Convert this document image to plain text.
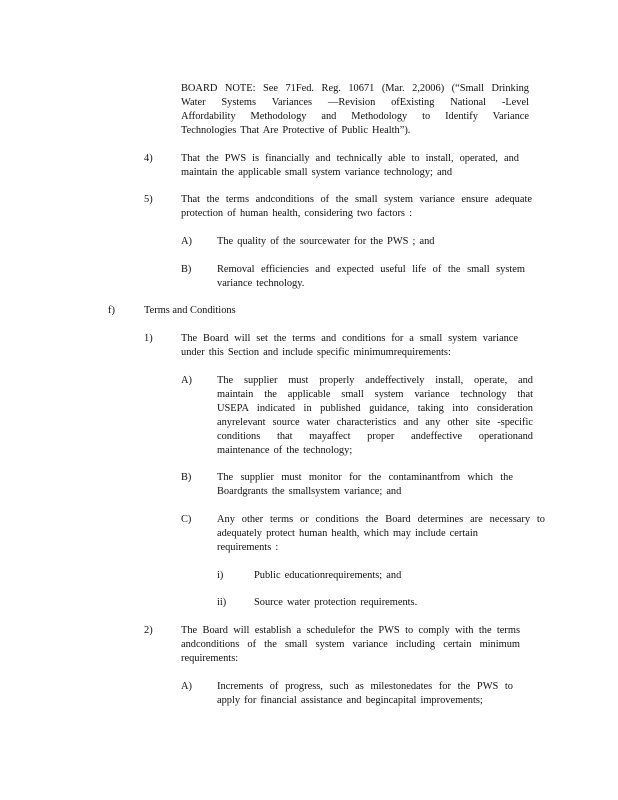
BOARD NOTE: See 71Fed. Reg. 10671 (Mar. 2,2006) (“Small Drinking
Water Systems Variances —Revision ofExisting National -Level
Affordability Methodology and Methodology to Identify Variance
Technologies That Are Protective of Public Health”).
4)	That the PWS is financially and technically able to install, operated, and
maintain the applicable small system variance technology; and
5)	That the terms andconditions of the small system variance ensure adequate
protection of human health, considering two factors :
A) The quality of the sourcewater for the PWS ; and
B) Removal efficiencies and expected useful life of the small system
variance technology.
f)	Terms and Conditions
1)	The Board will set the terms and conditions for a small system variance
under this Section and include specific minimumrequirements:
A) The supplier must properly andeffectively install, operate, and
maintain the applicable small system variance technology that
USEPA indicated in published guidance, taking into consideration
anyrelevant source water characteristics and any other site -specific
conditions that mayaffect proper andeffective operationand
maintenance of the technology;
B) The supplier must monitor for the contaminantfrom which the
Boardgrants the smallsystem variance; and
C) Any other terms or conditions the Board determines are necessary to
adequately protect human health, which may include certain
requirements :
i)	Public educationrequirements; and
ii)	Source water protection requirements.
2)	The Board will establish a schedulefor the PWS to comply with the terms
andconditions of the small system variance including certain minimum
requirements:
A) Increments of progress, such as milestonedates for the PWS to
apply for financial assistance and begincapital improvements;
